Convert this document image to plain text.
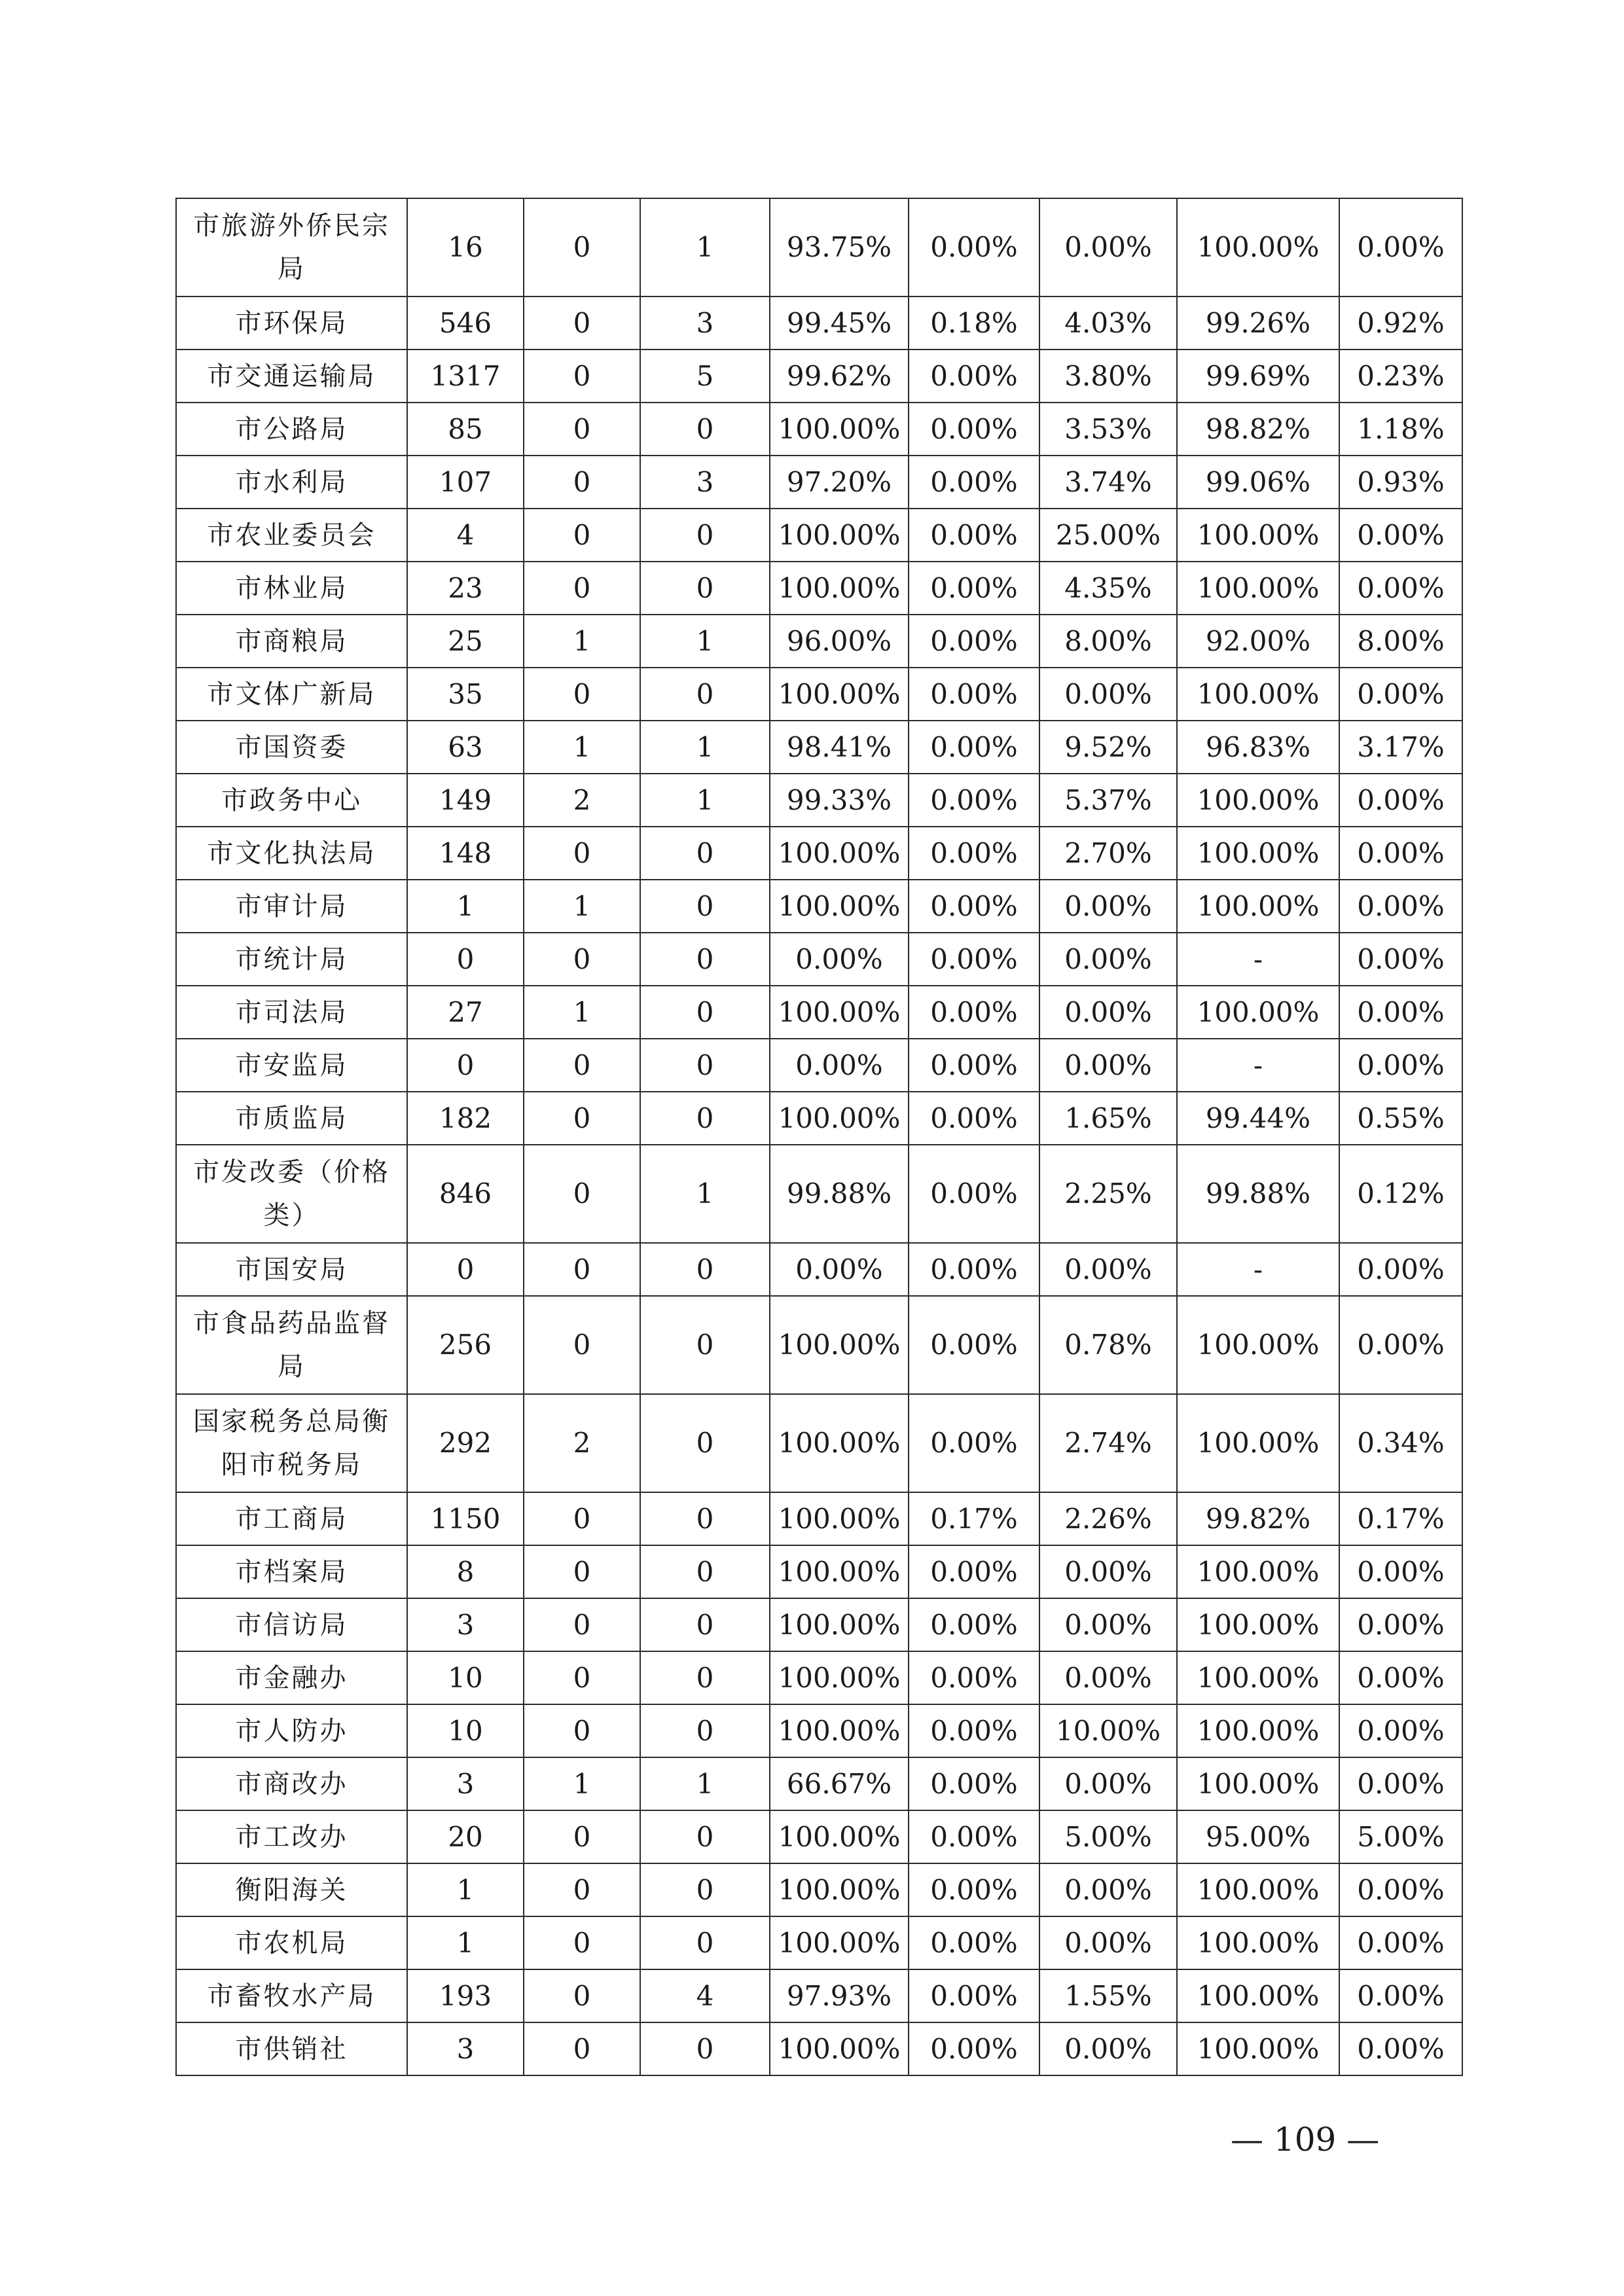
市旅游外侨民宗局	16	0	1	93.75%	0.00%	0.00%	100.00%	0.00%
市环保局	546	0	3	99.45%	0.18%	4.03%	99.26%	0.92%
市交通运输局	1317	0	5	99.62%	0.00%	3.80%	99.69%	0.23%
市公路局	85	0	0	100.00%	0.00%	3.53%	98.82%	1.18%
市水利局	107	0	3	97.20%	0.00%	3.74%	99.06%	0.93%
市农业委员会	4	0	0	100.00%	0.00%	25.00%	100.00%	0.00%
市林业局	23	0	0	100.00%	0.00%	4.35%	100.00%	0.00%
市商粮局	25	1	1	96.00%	0.00%	8.00%	92.00%	8.00%
市文体广新局	35	0	0	100.00%	0.00%	0.00%	100.00%	0.00%
市国资委	63	1	1	98.41%	0.00%	9.52%	96.83%	3.17%
市政务中心	149	2	1	99.33%	0.00%	5.37%	100.00%	0.00%
市文化执法局	148	0	0	100.00%	0.00%	2.70%	100.00%	0.00%
市审计局	1	1	0	100.00%	0.00%	0.00%	100.00%	0.00%
市统计局	0	0	0	0.00%	0.00%	0.00%	-	0.00%
市司法局	27	1	0	100.00%	0.00%	0.00%	100.00%	0.00%
市安监局	0	0	0	0.00%	0.00%	0.00%	-	0.00%
市质监局	182	0	0	100.00%	0.00%	1.65%	99.44%	0.55%
市发改委（价格类）	846	0	1	99.88%	0.00%	2.25%	99.88%	0.12%
市国安局	0	0	0	0.00%	0.00%	0.00%	-	0.00%
市食品药品监督局	256	0	0	100.00%	0.00%	0.78%	100.00%	0.00%
国家税务总局衡阳市税务局	292	2	0	100.00%	0.00%	2.74%	100.00%	0.34%
市工商局	1150	0	0	100.00%	0.17%	2.26%	99.82%	0.17%
市档案局	8	0	0	100.00%	0.00%	0.00%	100.00%	0.00%
市信访局	3	0	0	100.00%	0.00%	0.00%	100.00%	0.00%
市金融办	10	0	0	100.00%	0.00%	0.00%	100.00%	0.00%
市人防办	10	0	0	100.00%	0.00%	10.00%	100.00%	0.00%
市商改办	3	1	1	66.67%	0.00%	0.00%	100.00%	0.00%
市工改办	20	0	0	100.00%	0.00%	5.00%	95.00%	5.00%
衡阳海关	1	0	0	100.00%	0.00%	0.00%	100.00%	0.00%
市农机局	1	0	0	100.00%	0.00%	0.00%	100.00%	0.00%
市畜牧水产局	193	0	4	97.93%	0.00%	1.55%	100.00%	0.00%
市供销社	3	0	0	100.00%	0.00%	0.00%	100.00%	0.00%
— 109 —
